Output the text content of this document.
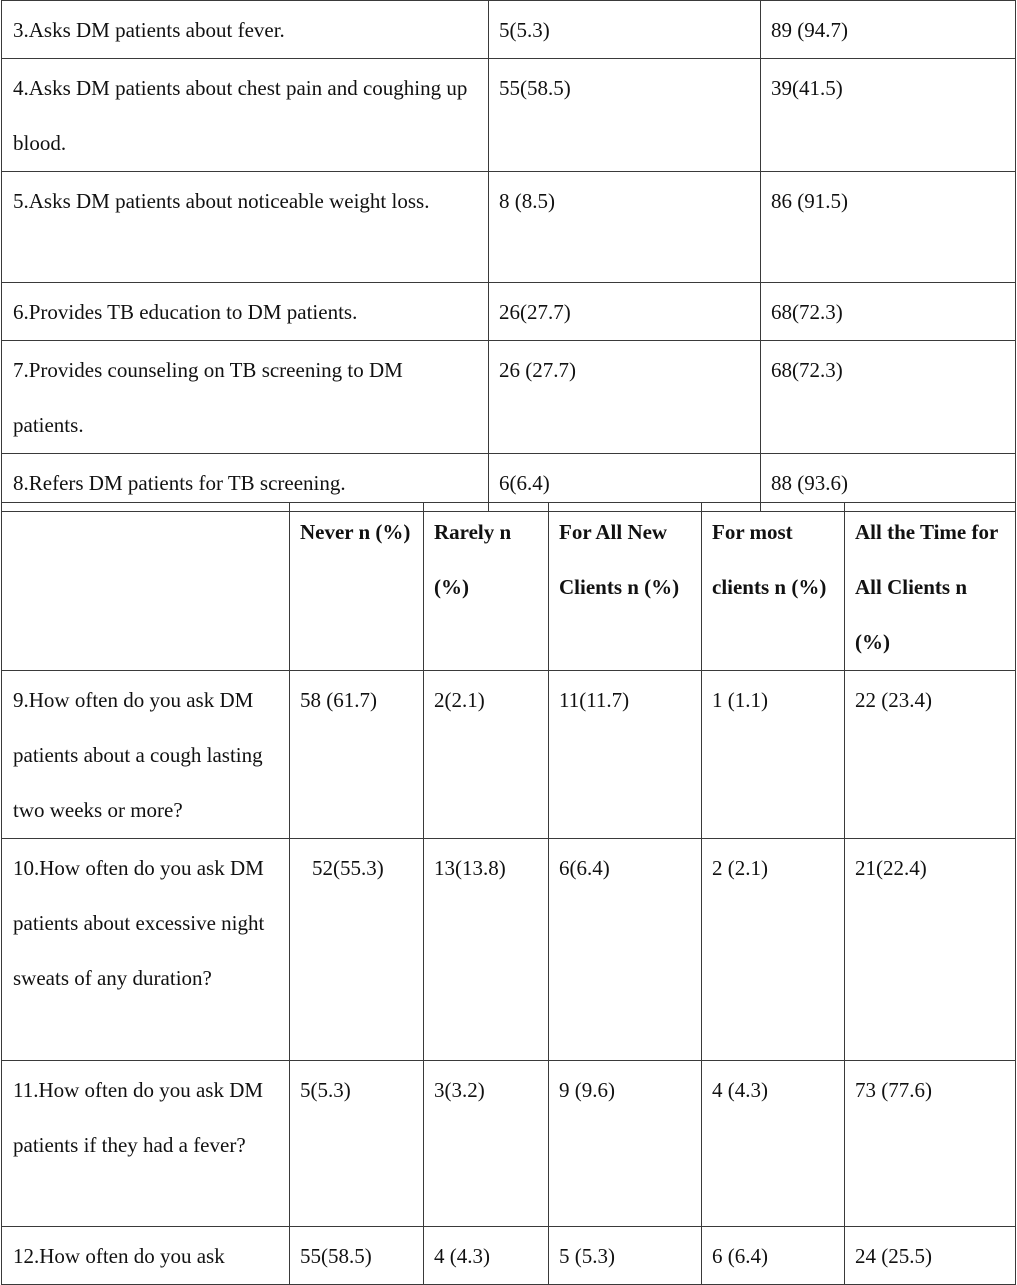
3.Asks DM patients about fever.	5(5.3)	89 (94.7)
4.Asks DM patients about chest pain and coughing up blood.	55(58.5)	39(41.5)
5.Asks DM patients about noticeable weight loss.	8 (8.5)	86 (91.5)
6.Provides TB education to DM patients.	26(27.7)	68(72.3)
7.Provides counseling on TB screening to DM patients.	26 (27.7)	68(72.3)
8.Refers DM patients for TB screening.	6(6.4)	88 (93.6)
	Never n (%)	Rarely n (%)	For All New Clients n (%)	For most clients n (%)	All the Time for All Clients n (%)
9.How often do you ask DM patients about a cough lasting two weeks or more?	58 (61.7)	2(2.1)	11(11.7)	1 (1.1)	22 (23.4)
10.How often do you ask DM patients about excessive night sweats of any duration?	52(55.3)	13(13.8)	6(6.4)	2 (2.1)	21(22.4)
11.How often do you ask DM patients if they had a fever?	5(5.3)	3(3.2)	9 (9.6)	4 (4.3)	73 (77.6)
12.How often do you ask	55(58.5)	4 (4.3)	5 (5.3)	6 (6.4)	24 (25.5)
